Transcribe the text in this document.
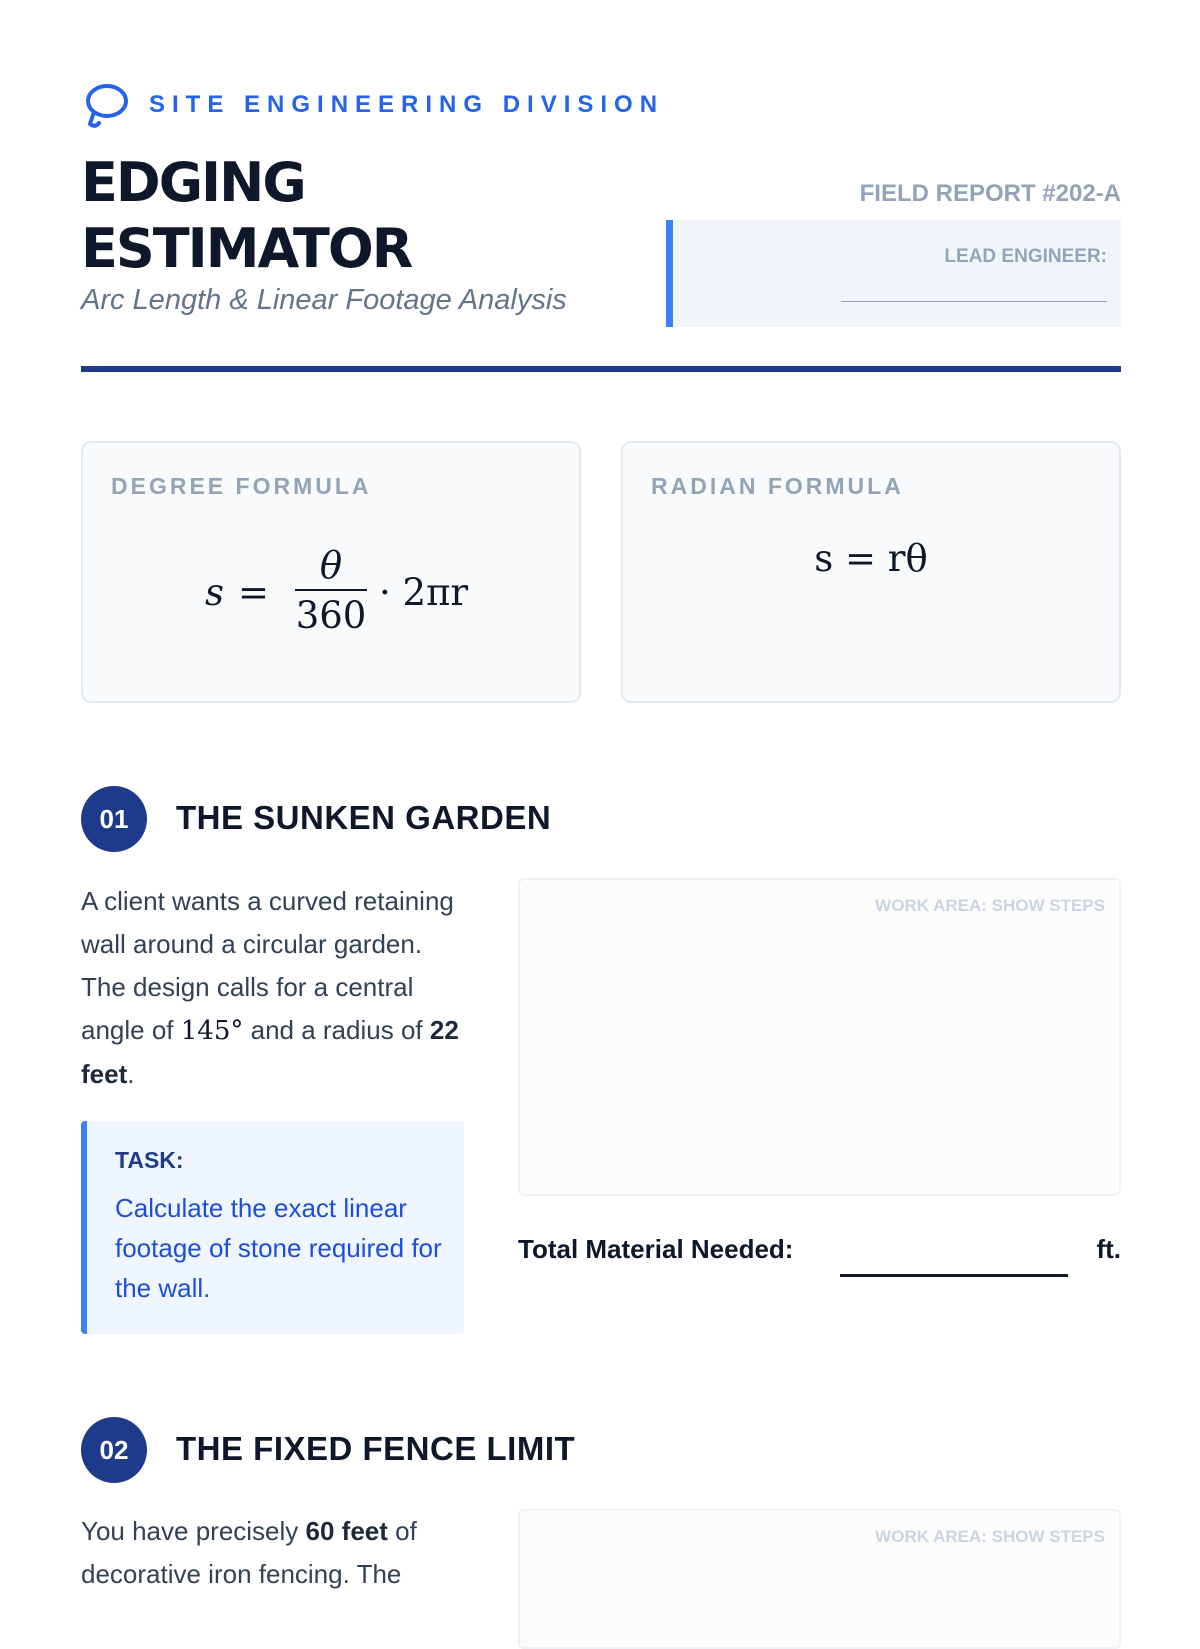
SITE ENGINEERING DIVISION
EDGING
ESTIMATOR
Arc Length & Linear Footage Analysis
FIELD REPORT #202-A
LEAD ENGINEER:
DEGREE FORMULA
$s = \frac{\theta}{360} \cdot 2\pi r$
RADIAN FORMULA
s = rθ
01	THE SUNKEN GARDEN
A client wants a curved retaining wall around a circular garden. The design calls for a central angle of 145° and a radius of 22 feet.
TASK:
Calculate the exact linear footage of stone required for the wall.
WORK AREA: SHOW STEPS
Total Material Needed:	ft.
02	THE FIXED FENCE LIMIT
You have precisely 60 feet of decorative iron fencing. The
WORK AREA: SHOW STEPS
